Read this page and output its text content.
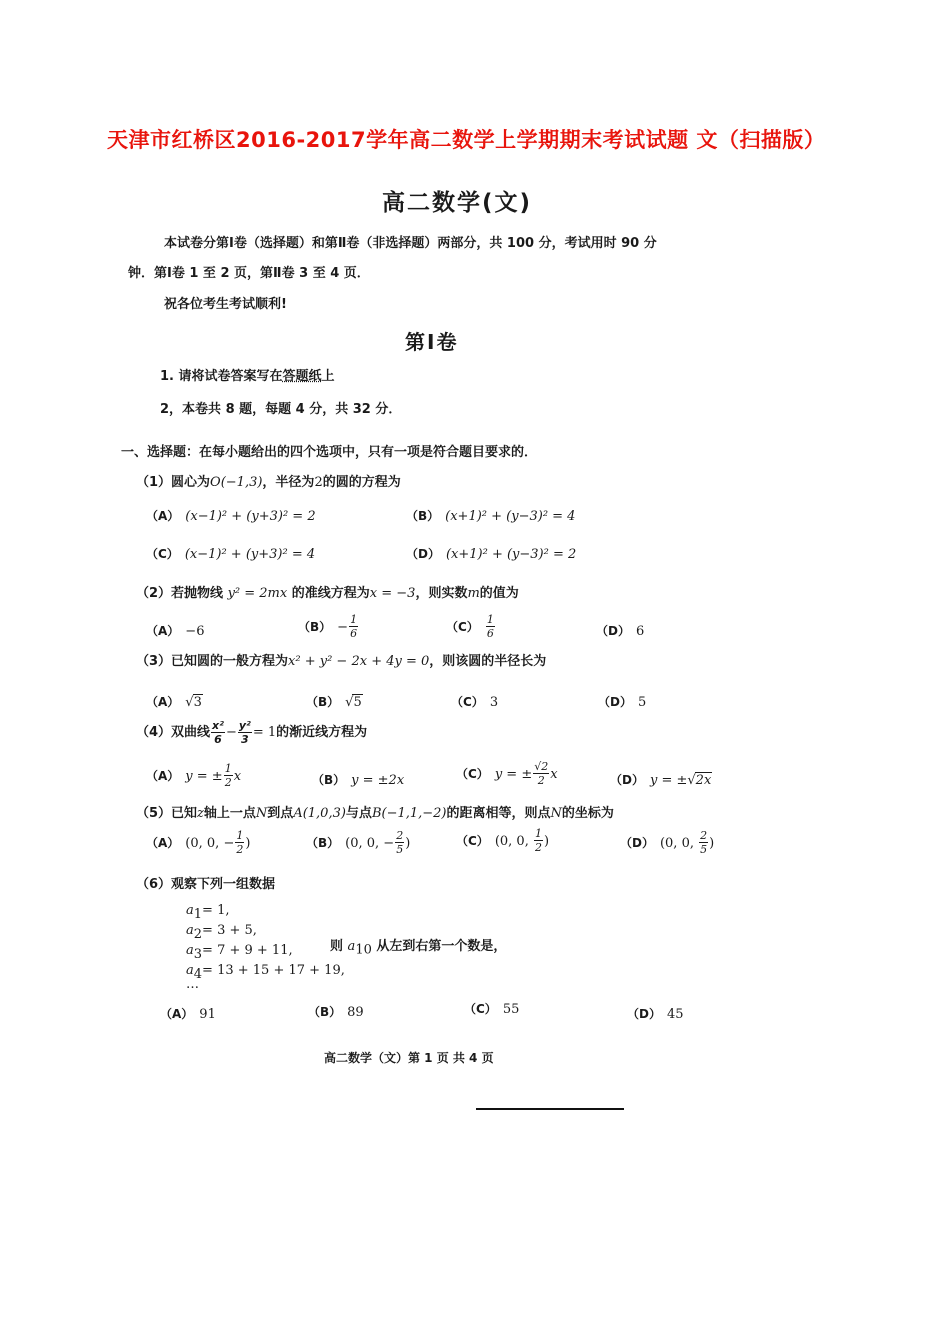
天津市红桥区2016-2017学年高二数学上学期期末考试试题 文（扫描版）
高二数学(文)
本试卷分第Ⅰ卷（选择题）和第Ⅱ卷（非选择题）两部分，共 100 分，考试用时 90 分
钟．第Ⅰ卷 1 至 2 页，第Ⅱ卷 3 至 4 页．
祝各位考生考试顺利!
第Ⅰ卷
1. 请将试卷答案写在答题纸上
2，本卷共 8 题，每题 4 分，共 32 分．
一、选择题：在每小题给出的四个选项中，只有一项是符合题目要求的．
（1）圆心为O(−1,3)，半径为2的圆的方程为
（A） (x−1)² + (y+3)² = 2	（B） (x+1)² + (y−3)² = 4
（C） (x−1)² + (y+3)² = 4	（D） (x+1)² + (y−3)² = 2
（2）若抛物线 y² = 2mx 的准线方程为x = −3，则实数m的值为
（A） −6	$(B) - \frac{1}{6}$	$(C) \frac{1}{6}$	（D） 6
（3）已知圆的一般方程为x² + y² − 2x + 4y = 0，则该圆的半径长为
（A） √3	（B） √5	（C） 3	（D） 5
（4）双曲线 $\frac{\text{x²}}{6} - \frac{\text{y²}}{3} = 1$的渐近线方程为
（A） y = ± $\frac{1}{2}$ x	（B） y = ±2x	（C） y = ± $\frac{√2}{2}$ x	（D） y = ±√2x
（5）已知z轴上一点N到点A(1,0,3)与点B(−1,1,−2)的距离相等，则点N的坐标为
（A） (0, 0, − $\frac{1}{2}$ )	（B） (0, 0, − $\frac{2}{5}$ )	（C） (0, 0, $\frac{1}{2}$ )	（D） (0, 0, $\frac{2}{5}$ )
（6）观察下列一组数据
$a_1= 1$,
$a_2= 3 + 5$,
$a_3= 7 + 9 + 11$,
$a_4= 13 + 15 + 17 + 19$,
…
则 $a_{10}$ 从左到右第一个数是，
（A） 91	（B） 89	（C） 55	（D） 45
高二数学（文）第 1 页 共 4 页
